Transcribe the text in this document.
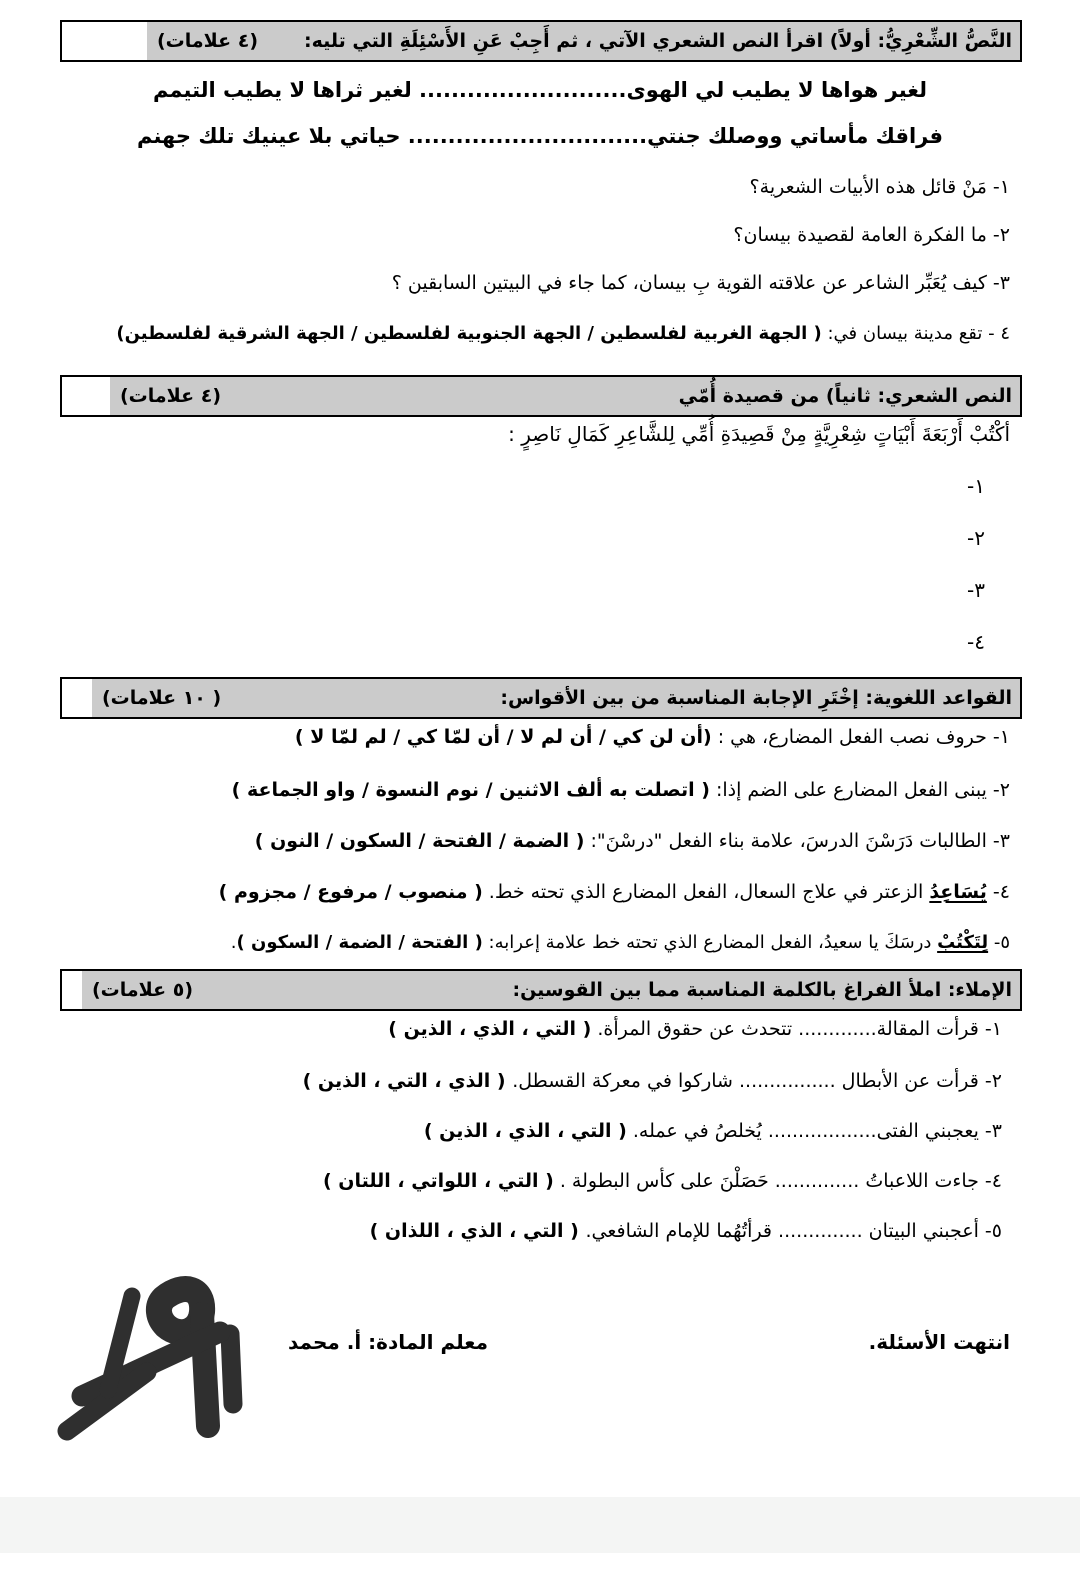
النَّصُّ الشِّعْرِيُّ: أولاً) اقرأ النص الشعري الآتي ، ثم أَجِبْ عَنِ الأَسْئِلَةِ التي تليه:
(٤ علامات)
لغير هواها لا يطيب لي الهوى.......................... لغير ثراها لا يطيب التيمم
فراقك مأساتي ووصلك جنتي.............................. حياتي بلا عينيك تلك جهنم
١- مَنْ قائل هذه الأبيات الشعرية؟
٢- ما الفكرة العامة لقصيدة بيسان؟
٣- كيف يُعَبِّر الشاعر عن علاقته القوية بِ بيسان، كما جاء في البيتين السابقين ؟
٤ - تقع مدينة بيسان في: ( الجهة الغربية لفلسطين / الجهة الجنوبية لفلسطين / الجهة الشرقية لفلسطين)
النص الشعري: ثانياً) من قصيدة أُمّي
(٤ علامات)
أكْتُبْ أَرْبَعَةَ أَبْيَاتٍ شِعْرِيَّةٍ مِنْ قَصِيدَةِ أُمِّي لِلشَّاعِرِ كَمَالِ نَاصِرٍ :
١-
٢-
٣-
٤-
القواعد اللغوية: إخْتَرِ الإجابة المناسبة من بين الأقواس:
( ١٠ علامات)
١- حروف نصب الفعل المضارع، هي : (أن لن كي / أن لم لا / أن لمّا كي / لم لمّا لا )
٢- يبنى الفعل المضارع على الضم إذا: ( اتصلت به ألف الاثنين / نوم النسوة / واو الجماعة )
٣- الطالبات دَرَسْنَ الدرسَ، علامة بناء الفعل "درسْنَ": ( الضمة / الفتحة / السكون / النون )
٤- يُسَاعِدُ الزعتر في علاج السعال، الفعل المضارع الذي تحته خط. ( منصوب / مرفوع / مجزوم )
٥- لِتَكْتُبْ درسَكَ يا سعيدُ، الفعل المضارع الذي تحته خط علامة إعرابه: ( الفتحة / الضمة / السكون ).
الإملاء: املأ الفراغ بالكلمة المناسبة مما بين القوسين:
(٥ علامات)
١- قرأت المقالة............. تتحدث عن حقوق المرأة. ( التي ، الذي ، الذين )
٢- قرأت عن الأبطال ................ شاركوا في معركة القسطل. ( الذي ، التي ، الذين )
٣- يعجبني الفتى.................. يُخلصُ في عمله. ( التي ، الذي ، الذين )
٤- جاءت اللاعباتُ .............. حَصَلْنَ على كأس البطولة . ( التي ، اللواتي ، اللتان )
٥- أعجبني البيتان .............. قرأتُهُما للإمام الشافعي. ( التي ، الذي ، اللذان )
انتهت الأسئلة.
معلم المادة: أ. محمد
